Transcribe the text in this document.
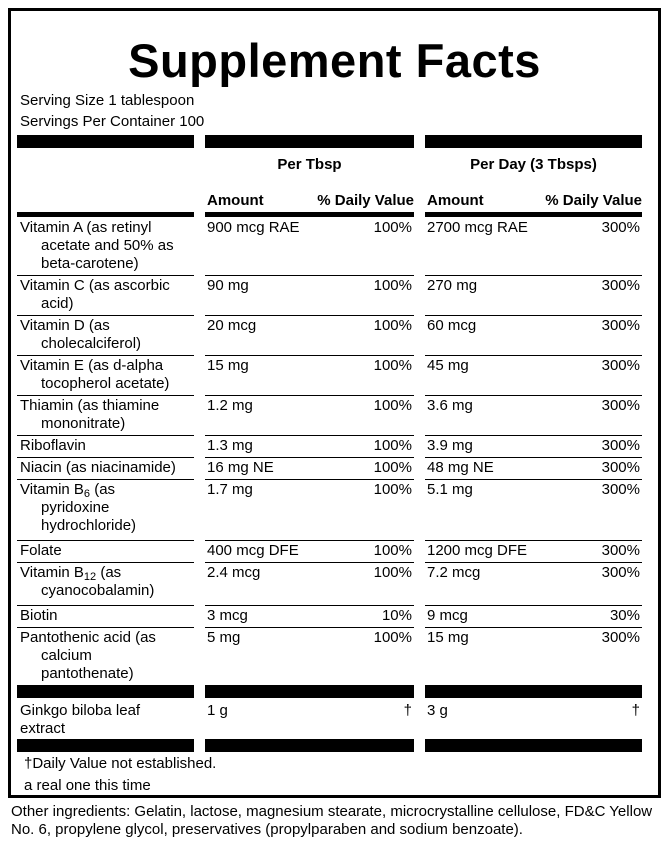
Supplement Facts
Serving Size 1 tablespoon
Servings Per Container 100
Per Tbsp	Per Day (3 Tbsps)
Amount	% Daily Value Amount	% Daily Value
Vitamin A (as retinyl
acetate and 50% as
beta-carotene)
900 mcg RAE	100% 2700 mcg RAE	300%
Vitamin C (as ascorbic
acid)
90 mg	100% 270 mg	300%
Vitamin D (as
cholecalciferol)
20 mcg	100% 60 mcg	300%
Vitamin E (as d-alpha
tocopherol acetate)
15 mg	100% 45 mg	300%
Thiamin (as thiamine
mononitrate)
1.2 mg	100% 3.6 mg	300%
Riboflavin	1.3 mg	100% 3.9 mg	300%
Niacin (as niacinamide)	16 mg NE	100% 48 mg NE	300%
Vitamin $B_6$ (as
pyridoxine
hydrochloride)
1.7 mg	100% 5.1 mg	300%
Folate	400 mcg DFE	100% 1200 mcg DFE	300%
Vitamin $B_{12}$ (as
cyanocobalamin)
2.4 mcg	100% 7.2 mcg	300%
Biotin	3 mcg	10% 9 mcg	30%
Pantothenic acid (as
calcium
pantothenate)
5 mg	100% 15 mg	300%
Ginkgo biloba leaf
extract
1 g	† 3 g	†
†Daily Value not established.
a real one this time
Other ingredients: Gelatin, lactose, magnesium stearate, microcrystalline cellulose, FD&C Yellow No. 6, propylene glycol, preservatives (propylparaben and sodium benzoate).
